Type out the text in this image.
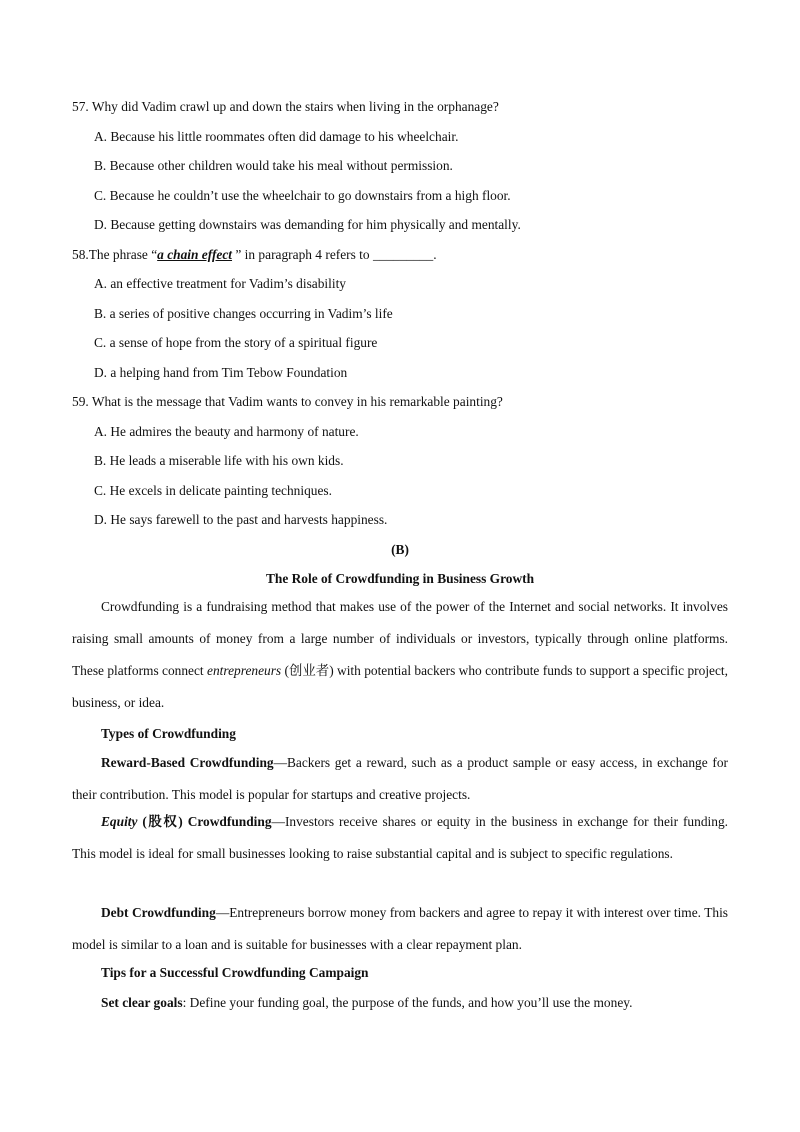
57. Why did Vadim crawl up and down the stairs when living in the orphanage?
A. Because his little roommates often did damage to his wheelchair.
B. Because other children would take his meal without permission.
C. Because he couldn’t use the wheelchair to go downstairs from a high floor.
D. Because getting downstairs was demanding for him physically and mentally.
58.The phrase “a chain effect ” in paragraph 4 refers to _________.
A. an effective treatment for Vadim’s disability
B. a series of positive changes occurring in Vadim’s life
C. a sense of hope from the story of a spiritual figure
D. a helping hand from Tim Tebow Foundation
59. What is the message that Vadim wants to convey in his remarkable painting?
A. He admires the beauty and harmony of nature.
B. He leads a miserable life with his own kids.
C. He excels in delicate painting techniques.
D. He says farewell to the past and harvests happiness.
(B)
The Role of Crowdfunding in Business Growth
Crowdfunding is a fundraising method that makes use of the power of the Internet and social networks. It involves raising small amounts of money from a large number of individuals or investors, typically through online platforms. These platforms connect entrepreneurs (创业者) with potential backers who contribute funds to support a specific project, business, or idea.
Types of Crowdfunding
Reward-Based Crowdfunding—Backers get a reward, such as a product sample or easy access, in exchange for their contribution. This model is popular for startups and creative projects.
Equity (股权) Crowdfunding—Investors receive shares or equity in the business in exchange for their funding. This model is ideal for small businesses looking to raise substantial capital and is subject to specific regulations.
Debt Crowdfunding—Entrepreneurs borrow money from backers and agree to repay it with interest over time. This model is similar to a loan and is suitable for businesses with a clear repayment plan.
Tips for a Successful Crowdfunding Campaign
Set clear goals: Define your funding goal, the purpose of the funds, and how you’ll use the money.
